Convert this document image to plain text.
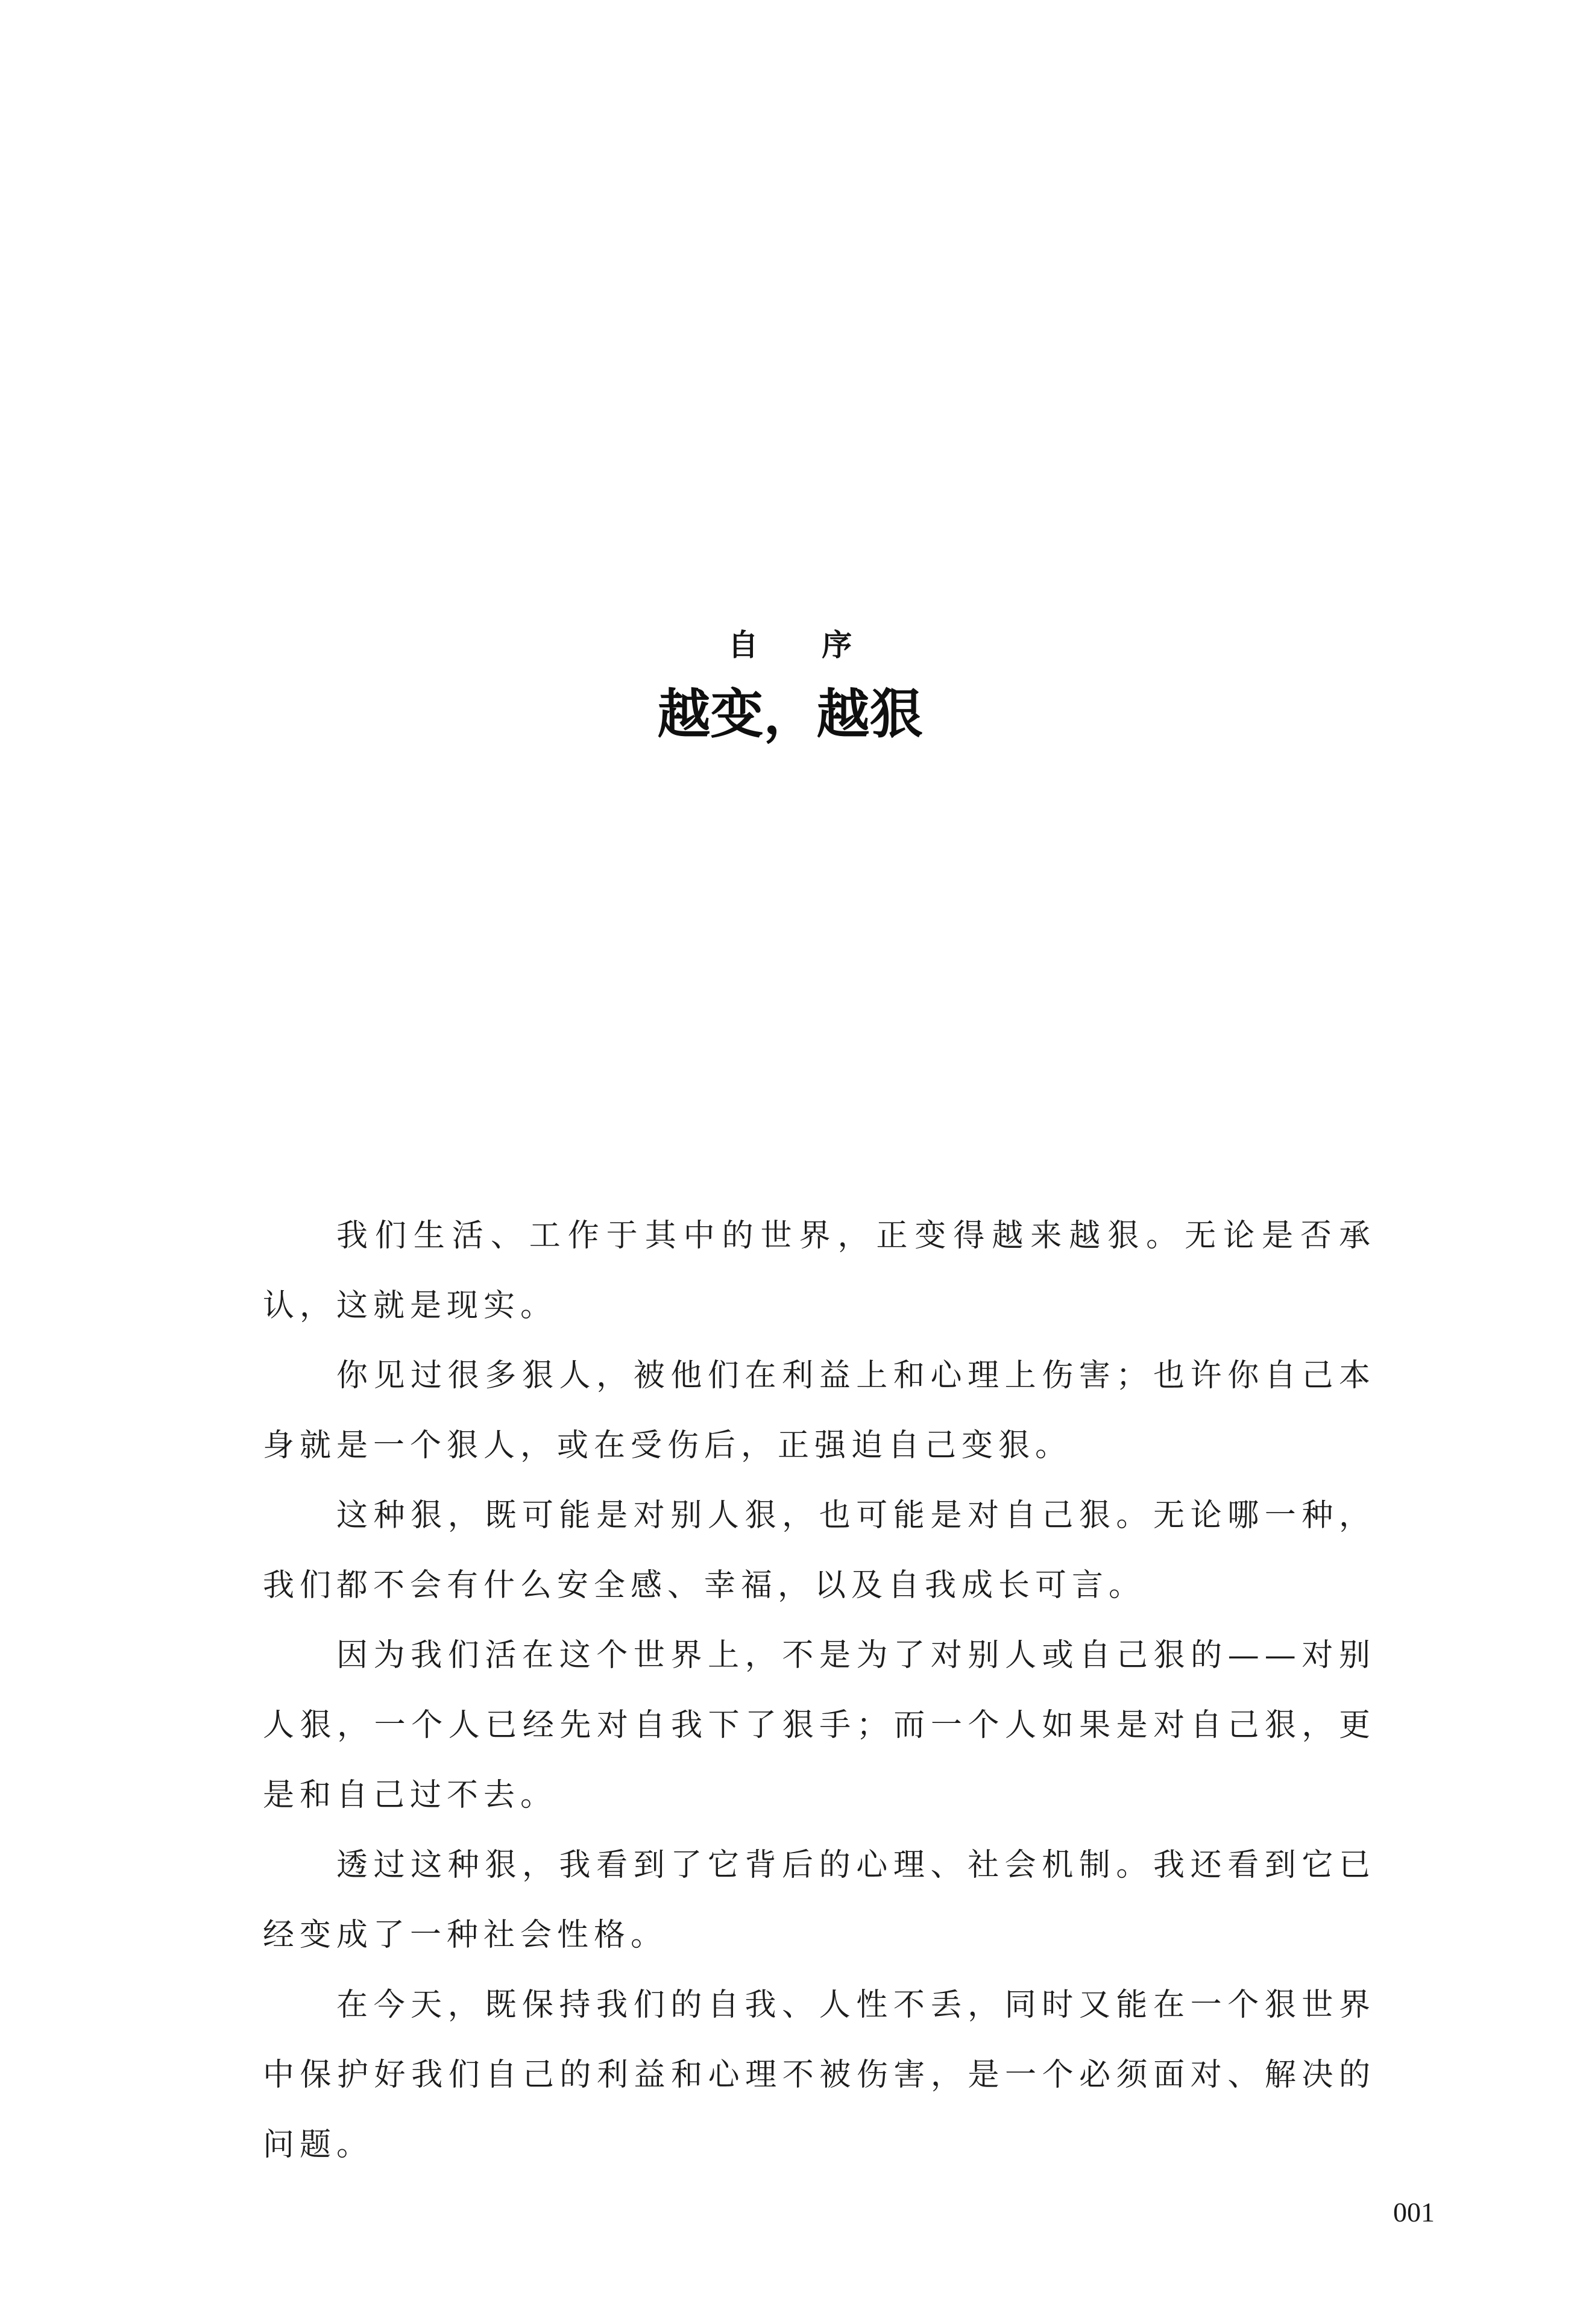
自 序
越变，越狠

我们生活、工作于其中的世界，正变得越来越狠。无论是否承认，这就是现实。

你见过很多狠人，被他们在利益上和心理上伤害；也许你自己本身就是一个狠人，或在受伤后，正强迫自己变狠。

这种狠，既可能是对别人狠，也可能是对自己狠。无论哪一种，我们都不会有什么安全感、幸福，以及自我成长可言。

因为我们活在这个世界上，不是为了对别人或自己狠的——对别人狠，一个人已经先对自我下了狠手；而一个人如果是对自己狠，更是和自己过不去。

透过这种狠，我看到了它背后的心理、社会机制。我还看到它已经变成了一种社会性格。

在今天，既保持我们的自我、人性不丢，同时又能在一个狠世界中保护好我们自己的利益和心理不被伤害，是一个必须面对、解决的问题。

001
